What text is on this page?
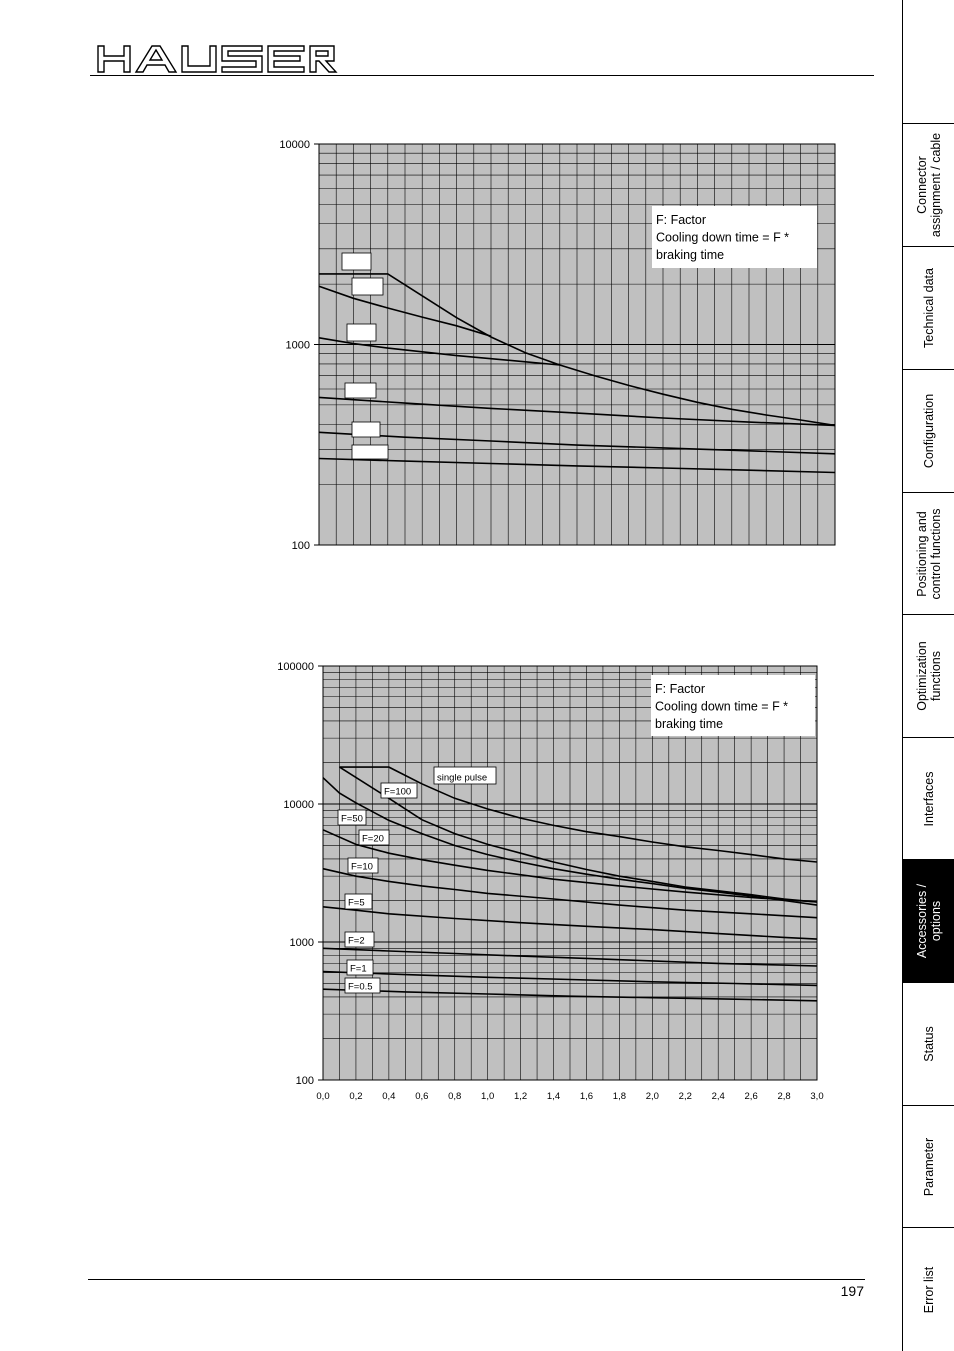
10000
1000
100
F: Factor
Cooling down time = F *
braking time
100000
10000
1000
100
0,0 0,2 0,4 0,6 0,8 1,0 1,2 1,4 1,6 1,8 2,0 2,2 2,4 2,6 2,8 3,0
single pulse
F=100
F=50
F=20
F=10
F=5
F=2
F=1
F=0.5
F: Factor
Cooling down time = F *
braking time
197
Connector
assignment / cable
Technical data
Configuration
Positioning and
control functions
Optimization
functions
Interfaces
Accessories /
options
Status
Parameter
Error list
